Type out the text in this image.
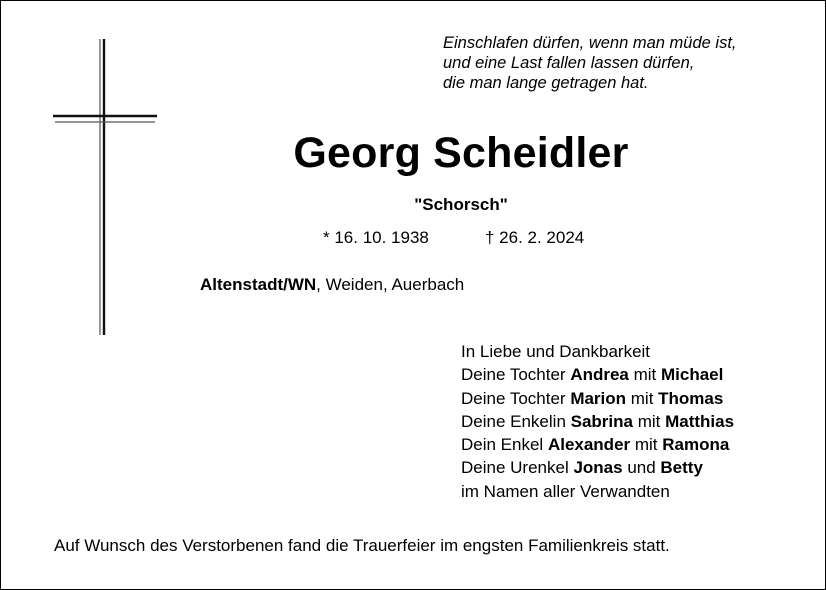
Einschlafen dürfen, wenn man müde ist,
und eine Last fallen lassen dürfen,
die man lange getragen hat.
Georg Scheidler
"Schorsch"
* 16. 10. 1938	† 26. 2. 2024
Altenstadt/WN, Weiden, Auerbach
In Liebe und Dankbarkeit
Deine Tochter Andrea mit Michael
Deine Tochter Marion mit Thomas
Deine Enkelin Sabrina mit Matthias
Dein Enkel Alexander mit Ramona
Deine Urenkel Jonas und Betty
im Namen aller Verwandten
Auf Wunsch des Verstorbenen fand die Trauerfeier im engsten Familienkreis statt.
